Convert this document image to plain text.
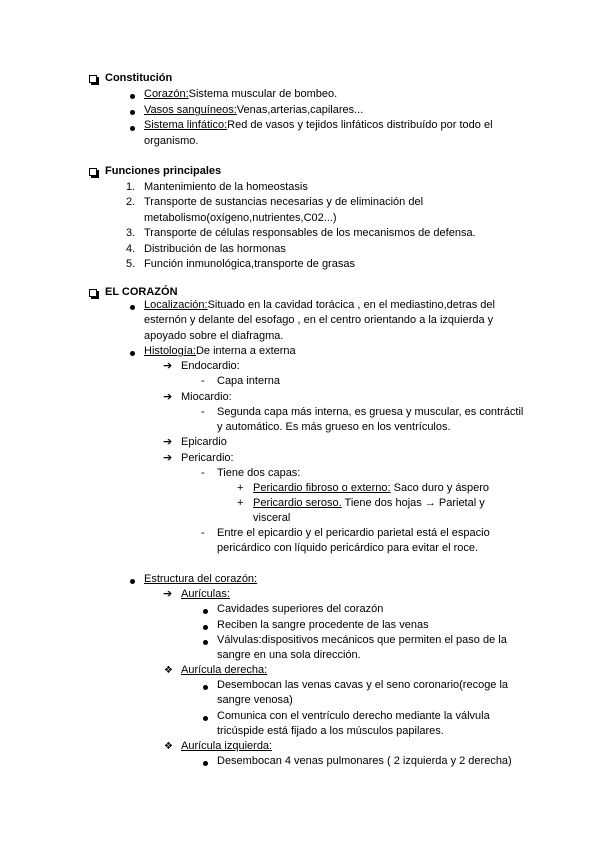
Constitución
Corazón:Sistema muscular de bombeo.
Vasos sanguíneos:Venas,arterias,capilares...
Sistema linfático:Red de vasos y tejidos linfáticos distribuído por todo el
organismo.
Funciones principales
1. Mantenimiento de la homeostasis
2. Transporte de sustancias necesarias y de eliminación del
metabolismo(oxígeno,nutrientes,C02...)
3. Transporte de células responsables de los mecanismos de defensa.
4. Distribución de las hormonas
5. Función inmunológica,transporte de grasas
EL CORAZÓN
Localización:Situado en la cavidad torácica , en el mediastino,detras del
esternón y delante del esofago , en el centro orientando a la izquierda y
apoyado sobre el diafragma.
Histología:De interna a externa
➔ Endocardio:
- Capa interna
➔ Miocardio:
- Segunda capa más interna, es gruesa y muscular, es contráctil
y automático. Es más grueso en los ventrículos.
➔ Epicardio
➔ Pericardio:
- Tiene dos capas:
+ Pericardio fibroso o externo: Saco duro y áspero
+ Pericardio seroso. Tiene dos hojas → Parietal y
visceral
- Entre el epicardio y el pericardio parietal está el espacio
pericárdico con líquido pericárdico para evitar el roce.
Estructura del corazón:
➔ Aurículas:
Cavidades superiores del corazón
Reciben la sangre procedente de las venas
Válvulas:dispositivos mecánicos que permiten el paso de la
sangre en una sola dirección.
❖ Aurícula derecha:
Desembocan las venas cavas y el seno coronario(recoge la
sangre venosa)
Comunica con el ventrículo derecho mediante la válvula
tricúspide está fijado a los músculos papilares.
❖ Aurícula izquierda:
Desembocan 4 venas pulmonares ( 2 izquierda y 2 derecha)
